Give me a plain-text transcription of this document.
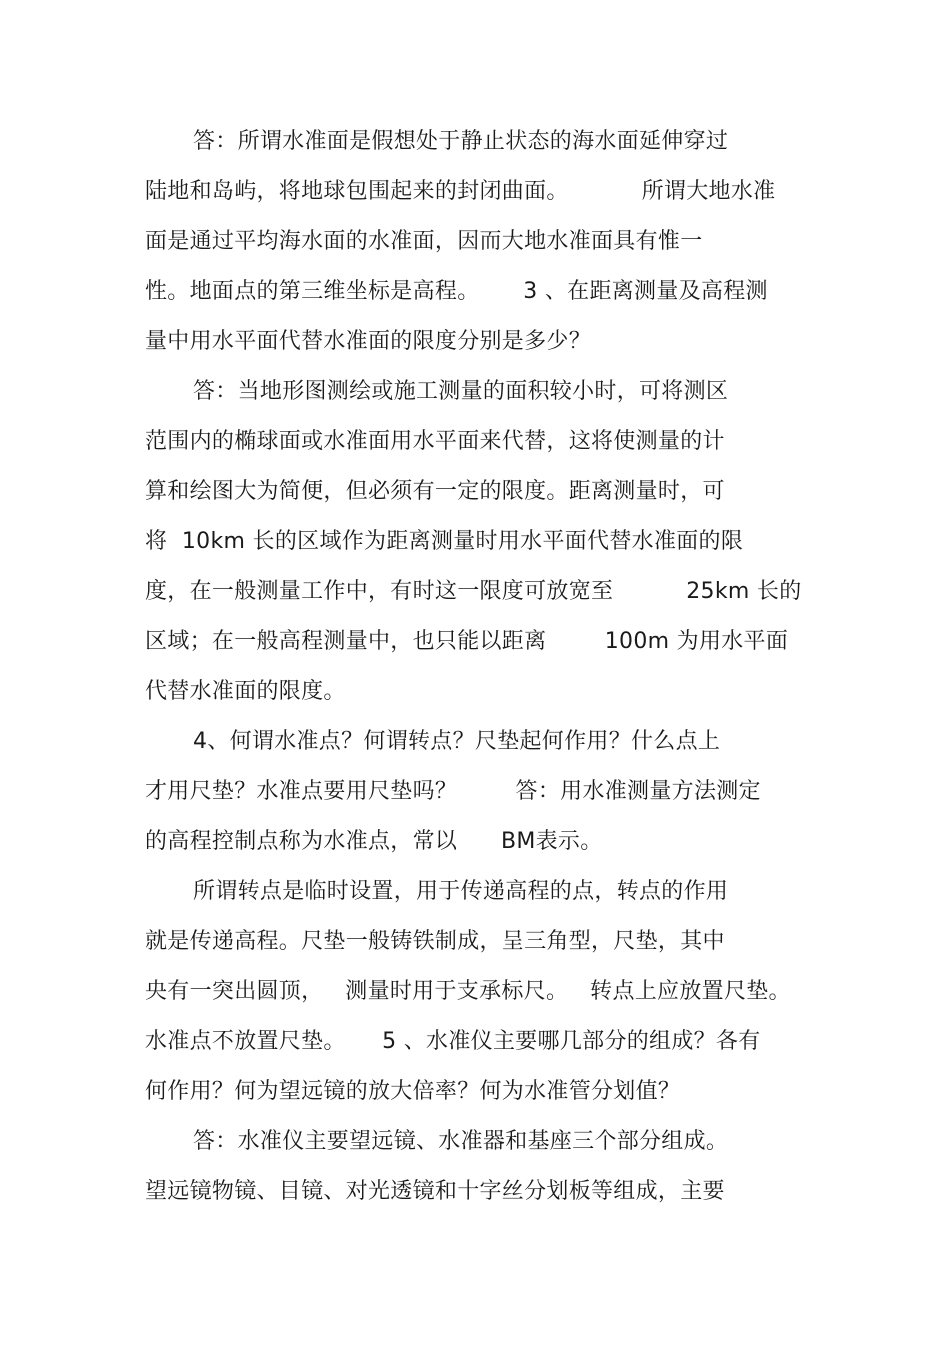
答：所谓水准面是假想处于静止状态的海水面延伸穿过
陆地和岛屿，将地球包围起来的封闭曲面。          所谓大地水准
面是通过平均海水面的水准面，因而大地水准面具有惟一
性。地面点的第三维坐标是高程。      3 、在距离测量及高程测
量中用水平面代替水准面的限度分别是多少？
答：当地形图测绘或施工测量的面积较小时，可将测区
范围内的椭球面或水准面用水平面来代替，这将使测量的计
算和绘图大为简便，但必须有一定的限度。距离测量时，可
将  10km 长的区域作为距离测量时用水平面代替水准面的限
度，在一般测量工作中，有时这一限度可放宽至          25km 长的
区域；在一般高程测量中，也只能以距离        100m 为用水平面
代替水准面的限度。
4、何谓水准点？何谓转点？尺垫起何作用？什么点上
才用尺垫？水准点要用尺垫吗？        答：用水准测量方法测定
的高程控制点称为水准点，常以      BM表示。
所谓转点是临时设置，用于传递高程的点，转点的作用
就是传递高程。尺垫一般铸铁制成，呈三角型，尺垫，其中
央有一突出圆顶，   测量时用于支承标尺。   转点上应放置尺垫。
水准点不放置尺垫。     5 、水准仪主要哪几部分的组成？各有
何作用？何为望远镜的放大倍率？何为水准管分划值？
答：水准仪主要望远镜、水准器和基座三个部分组成。
望远镜物镜、目镜、对光透镜和十字丝分划板等组成，主要
